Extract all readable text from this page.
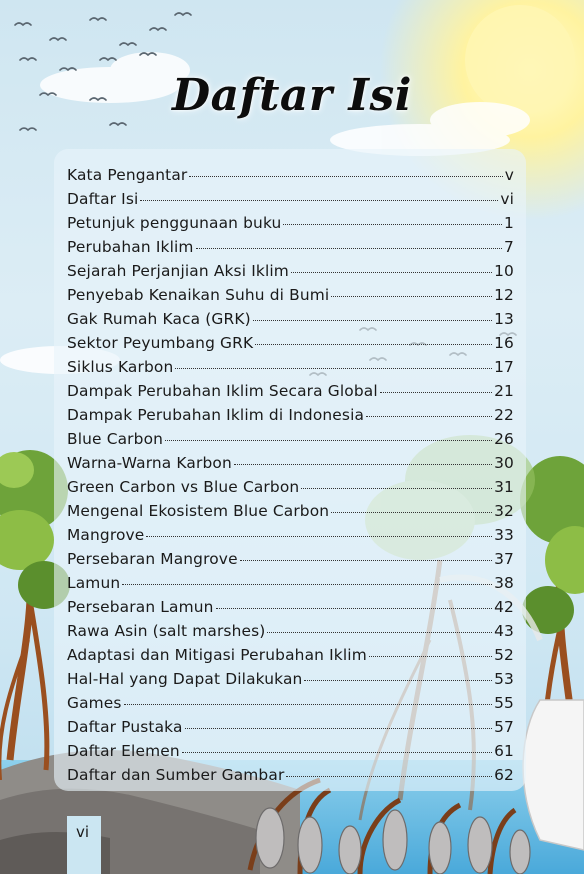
Daftar Isi
Kata Pengantar	v
Daftar Isi	vi
Petunjuk penggunaan buku	1
Perubahan Iklim	7
Sejarah Perjanjian Aksi Iklim	10
Penyebab Kenaikan Suhu di Bumi	12
Gak Rumah Kaca (GRK)	13
Sektor Peyumbang GRK	16
Siklus Karbon	17
Dampak Perubahan Iklim Secara Global	21
Dampak Perubahan Iklim di Indonesia	22
Blue Carbon	26
Warna-Warna Karbon	30
Green Carbon vs Blue Carbon	31
Mengenal Ekosistem Blue Carbon	32
Mangrove	33
Persebaran Mangrove	37
Lamun	38
Persebaran Lamun	42
Rawa Asin (salt marshes)	43
Adaptasi dan Mitigasi Perubahan Iklim	52
Hal-Hal yang Dapat Dilakukan	53
Games	55
Daftar Pustaka	57
Daftar Elemen	61
Daftar dan Sumber Gambar	62
vi
